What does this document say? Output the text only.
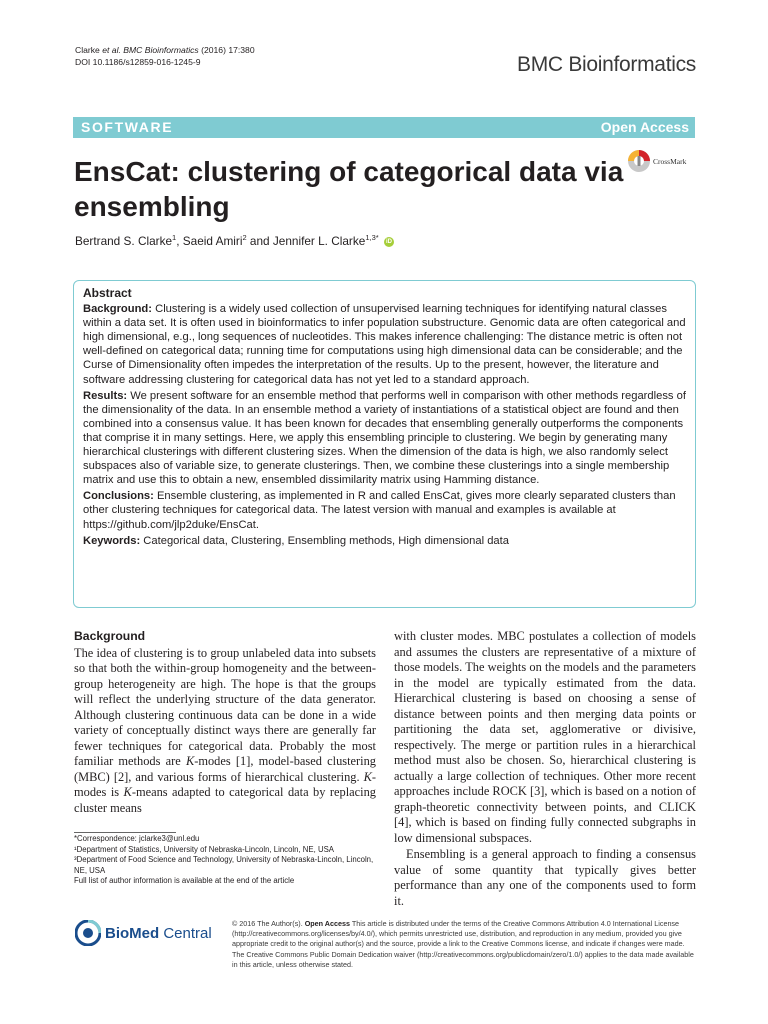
Clarke et al. BMC Bioinformatics (2016) 17:380
DOI 10.1186/s12859-016-1245-9	BMC Bioinformatics
SOFTWARE	Open Access
EnsCat: clustering of categorical data via ensembling
CrossMark
Bertrand S. Clarke$^1$, Saeid Amiri$^2$ and Jennifer L. Clarke$^{1,3*}$ iD
Abstract

Background: Clustering is a widely used collection of unsupervised learning techniques for identifying natural classes within a data set. It is often used in bioinformatics to infer population substructure. Genomic data are often categorical and high dimensional, e.g., long sequences of nucleotides. This makes inference challenging: The distance metric is often not well-defined on categorical data; running time for computations using high dimensional data can be considerable; and the Curse of Dimensionality often impedes the interpretation of the results. Up to the present, however, the literature and software addressing clustering for categorical data has not yet led to a standard approach.

Results: We present software for an ensemble method that performs well in comparison with other methods regardless of the dimensionality of the data. In an ensemble method a variety of instantiations of a statistical object are found and then combined into a consensus value. It has been known for decades that ensembling generally outperforms the components that comprise it in many settings. Here, we apply this ensembling principle to clustering. We begin by generating many hierarchical clusterings with different clustering sizes. When the dimension of the data is high, we also randomly select subspaces also of variable size, to generate clusterings. Then, we combine these clusterings into a single membership matrix and use this to obtain a new, ensembled dissimilarity matrix using Hamming distance.

Conclusions: Ensemble clustering, as implemented in R and called EnsCat, gives more clearly separated clusters than other clustering techniques for categorical data. The latest version with manual and examples is available at https://github.com/jlp2duke/EnsCat.

Keywords: Categorical data, Clustering, Ensembling methods, High dimensional data

Background

The idea of clustering is to group unlabeled data into subsets so that both the within-group homogeneity and the between-group heterogeneity are high. The hope is that the groups will reflect the underlying structure of the data generator. Although clustering continuous data can be done in a wide variety of conceptually distinct ways there are generally far fewer techniques for categorical data. Probably the most familiar methods are K-modes [1], model-based clustering (MBC) [2], and various forms of hierarchical clustering. K-modes is K-means adapted to categorical data by replacing cluster means

with cluster modes. MBC postulates a collection of models and assumes the clusters are representative of a mixture of those models. The weights on the models and the parameters in the model are typically estimated from the data. Hierarchical clustering is based on choosing a sense of distance between points and then merging data points or partitioning the data set, agglomerative or divisive, respectively. The merge or partition rules in a hierarchical method must also be chosen. So, hierarchical clustering is actually a large collection of techniques. Other more recent approaches include ROCK [3], which is based on a notion of graph-theoretic connectivity between points, and CLICK [4], which is based on finding fully connected subgraphs in low dimensional subspaces.

Ensembling is a general approach to finding a consensus value of some quantity that typically gives better performance than any one of the components used to form it.

*Correspondence: jclarke3@unl.edu
¹Department of Statistics, University of Nebraska-Lincoln, Lincoln, NE, USA
³Department of Food Science and Technology, University of Nebraska-Lincoln, Lincoln, NE, USA
Full list of author information is available at the end of the article
BioMed Central
© 2016 The Author(s). Open Access This article is distributed under the terms of the Creative Commons Attribution 4.0 International License (http://creativecommons.org/licenses/by/4.0/), which permits unrestricted use, distribution, and reproduction in any medium, provided you give appropriate credit to the original author(s) and the source, provide a link to the Creative Commons license, and indicate if changes were made. The Creative Commons Public Domain Dedication waiver (http://creativecommons.org/publicdomain/zero/1.0/) applies to the data made available in this article, unless otherwise stated.
